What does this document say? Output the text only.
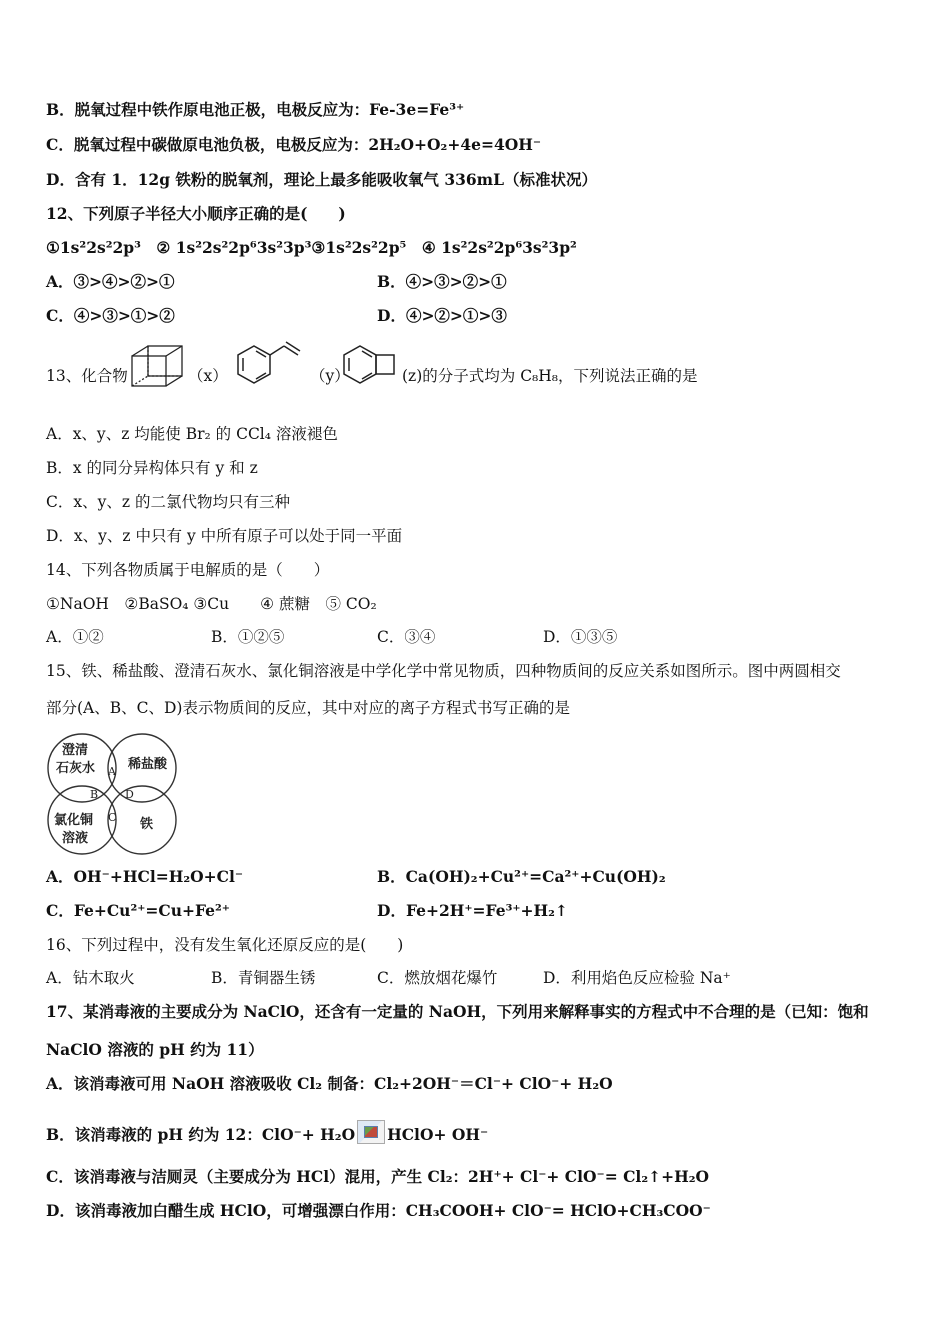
B．脱氧过程中铁作原电池正极，电极反应为：Fe-3e=Fe³⁺
C．脱氧过程中碳做原电池负极，电极反应为：2H₂O+O₂+4e=4OH⁻
D．含有 1．12g 铁粉的脱氧剂，理论上最多能吸收氧气 336mL（标准状况）
12、下列原子半径大小顺序正确的是(　　)
①1s²2s²2p³　② 1s²2s²2p⁶3s²3p³③1s²2s²2p⁵　④ 1s²2s²2p⁶3s²3p²
A．③>④>②>①	B．④>③>②>①
C．④>③>①>②	D．④>②>①>③
13、化合物	（x）	（y）	(z)的分子式均为 C₈H₈，下列说法正确的是
A．x、y、z 均能使 Br₂ 的 CCl₄ 溶液褪色
B．x 的同分异构体只有 y 和 z
C．x、y、z 的二氯代物均只有三种
D．x、y、z 中只有 y 中所有原子可以处于同一平面
14、下列各物质属于电解质的是（　　）
①NaOH　②BaSO₄ ③Cu　　④ 蔗糖　⑤ CO₂
A．①②	B．①②⑤	C．③④	D．①③⑤
15、铁、稀盐酸、澄清石灰水、氯化铜溶液是中学化学中常见物质，四种物质间的反应关系如图所示。图中两圆相交
部分(A、B、C、D)表示物质间的反应，其中对应的离子方程式书写正确的是
澄清
石灰水	稀盐酸
氯化铜
溶液
铁
A
B
C
D
A．OH⁻+HCl=H₂O+Cl⁻	B．Ca(OH)₂+Cu²⁺=Ca²⁺+Cu(OH)₂
C．Fe+Cu²⁺=Cu+Fe²⁺	D．Fe+2H⁺=Fe³⁺+H₂↑
16、下列过程中，没有发生氧化还原反应的是(　　)
A．钻木取火	B．青铜器生锈	C．燃放烟花爆竹	D．利用焰色反应检验 Na⁺
17、某消毒液的主要成分为 NaClO，还含有一定量的 NaOH，下列用来解释事实的方程式中不合理的是（已知：饱和
NaClO 溶液的 pH 约为 11）
A．该消毒液可用 NaOH 溶液吸收 Cl₂ 制备：Cl₂+2OH⁻＝Cl⁻+ ClO⁻+ H₂O
B．该消毒液的 pH 约为 12：ClO⁻+ H₂O HClO+ OH⁻
C．该消毒液与洁厕灵（主要成分为 HCl）混用，产生 Cl₂：2H⁺+ Cl⁻+ ClO⁻= Cl₂↑+H₂O
D．该消毒液加白醋生成 HClO，可增强漂白作用：CH₃COOH+ ClO⁻= HClO+CH₃COO⁻
